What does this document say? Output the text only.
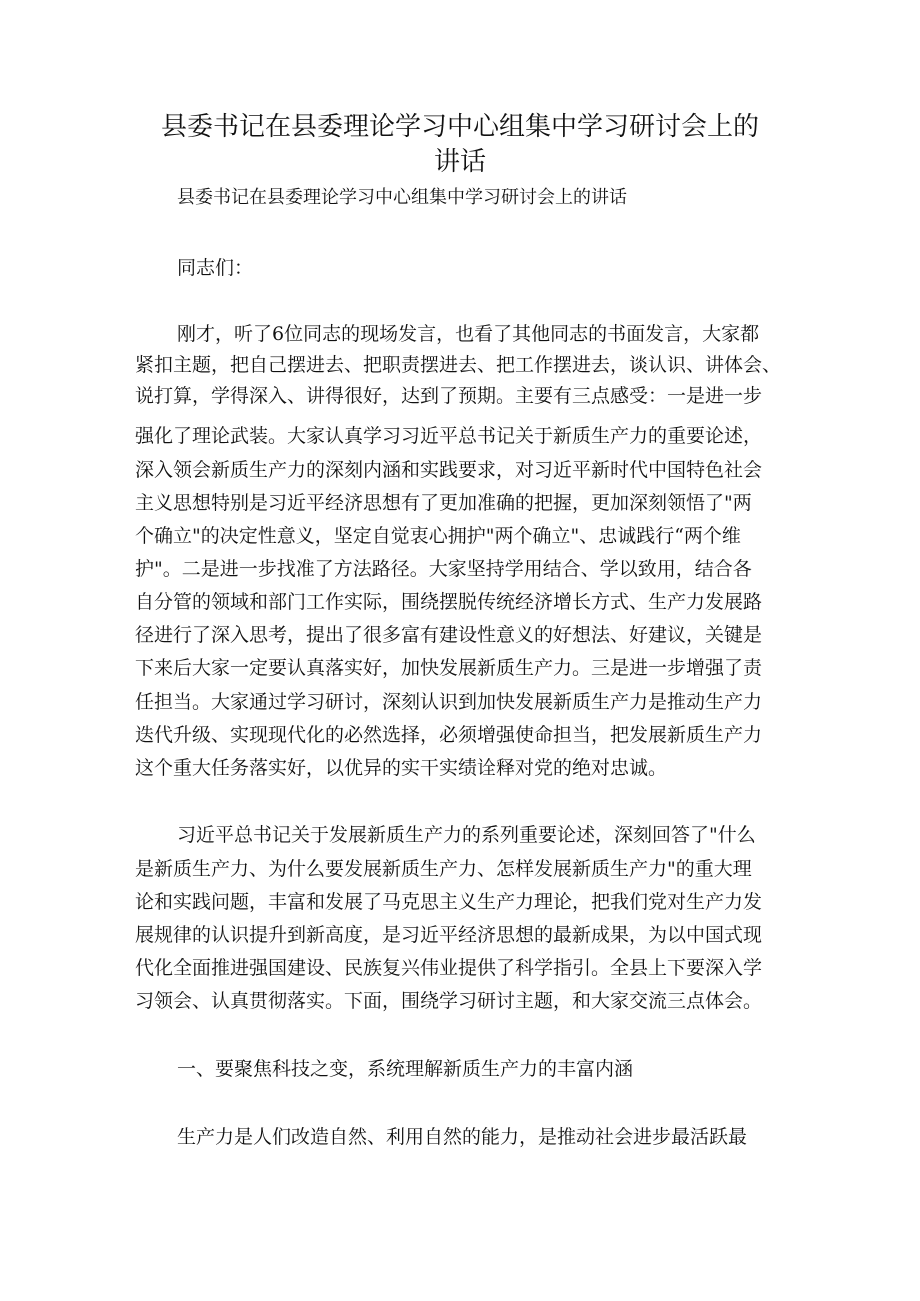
县委书记在县委理论学习中心组集中学习研讨会上的
讲话
县委书记在县委理论学习中心组集中学习研讨会上的讲话
同志们：
刚才，听了6位同志的现场发言，也看了其他同志的书面发言，大家都
紧扣主题，把自己摆进去、把职责摆进去、把工作摆进去，谈认识、讲体会、
说打算，学得深入、讲得很好，达到了预期。主要有三点感受：一是进一步
强化了理论武装。大家认真学习习近平总书记关于新质生产力的重要论述，
深入领会新质生产力的深刻内涵和实践要求，对习近平新时代中国特色社会
主义思想特别是习近平经济思想有了更加准确的把握，更加深刻领悟了"两
个确立"的决定性意义，坚定自觉衷心拥护"两个确立"、忠诚践行“两个维
护"。二是进一步找准了方法路径。大家坚持学用结合、学以致用，结合各
自分管的领域和部门工作实际，围绕摆脱传统经济增长方式、生产力发展路
径进行了深入思考，提出了很多富有建设性意义的好想法、好建议，关键是
下来后大家一定要认真落实好，加快发展新质生产力。三是进一步增强了责
任担当。大家通过学习研讨，深刻认识到加快发展新质生产力是推动生产力
迭代升级、实现现代化的必然选择，必须增强使命担当，把发展新质生产力
这个重大任务落实好，以优异的实干实绩诠释对党的绝对忠诚。
习近平总书记关于发展新质生产力的系列重要论述，深刻回答了"什么
是新质生产力、为什么要发展新质生产力、怎样发展新质生产力"的重大理
论和实践问题，丰富和发展了马克思主义生产力理论，把我们党对生产力发
展规律的认识提升到新高度，是习近平经济思想的最新成果，为以中国式现
代化全面推进强国建设、民族复兴伟业提供了科学指引。全县上下要深入学
习领会、认真贯彻落实。下面，围绕学习研讨主题，和大家交流三点体会。
一、要聚焦科技之变，系统理解新质生产力的丰富内涵
生产力是人们改造自然、利用自然的能力，是推动社会进步最活跃最
